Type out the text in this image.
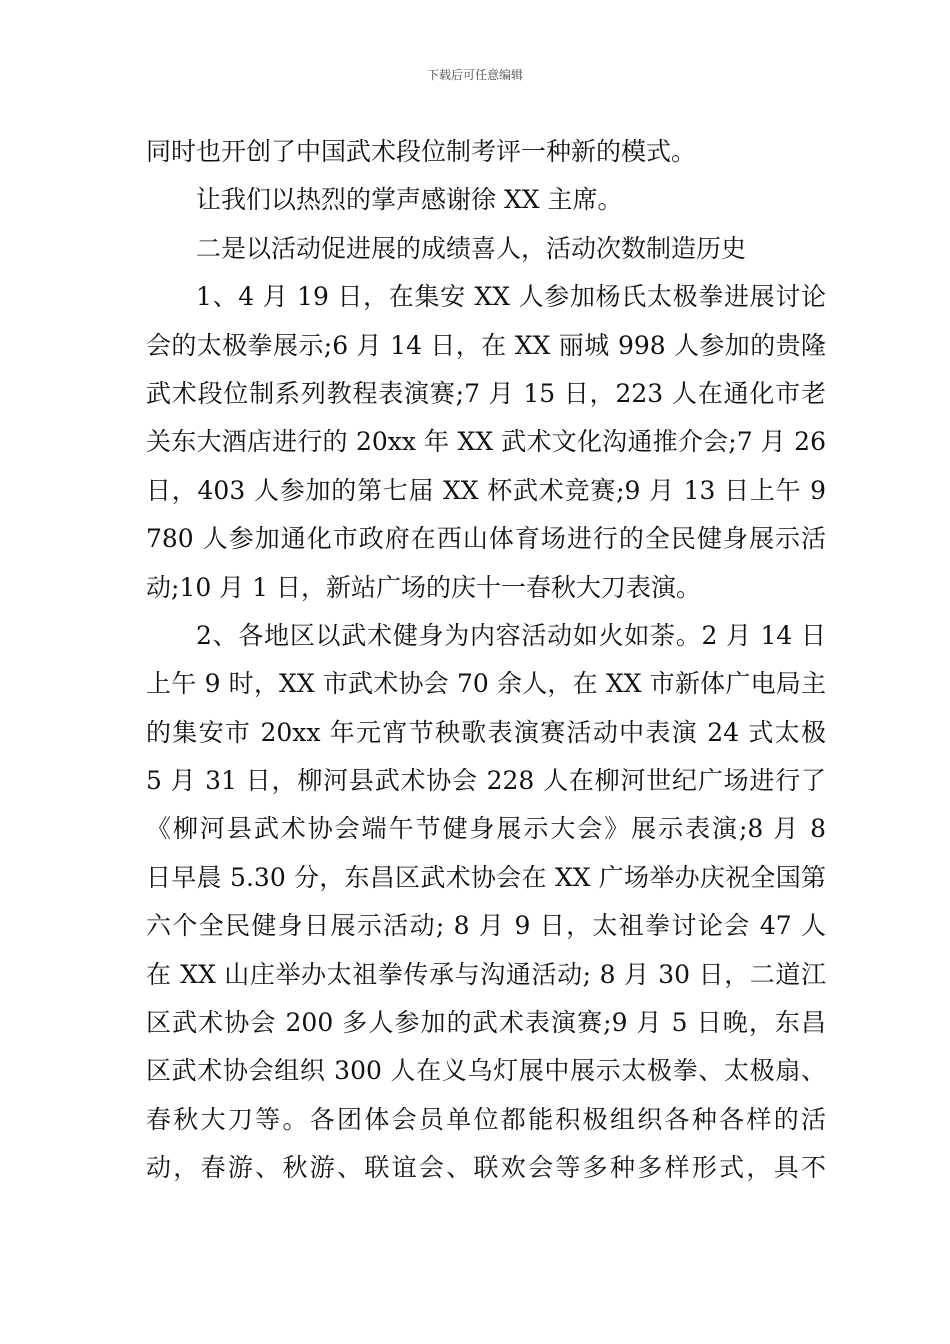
下载后可任意编辑
同时也开创了中国武术段位制考评一种新的模式。
让我们以热烈的掌声感谢徐 XX 主席。
二是以活动促进展的成绩喜人，活动次数制造历史
1、4 月 19 日，在集安 XX 人参加杨氏太极拳进展讨论
会的太极拳展示;6 月 14 日，在 XX 丽城 998 人参加的贵隆
武术段位制系列教程表演赛;7 月 15 日，223 人在通化市老
关东大酒店进行的 20xx 年 XX 武术文化沟通推介会;7 月 26
日，403 人参加的第七届 XX 杯武术竞赛;9 月 13 日上午 9
780 人参加通化市政府在西山体育场进行的全民健身展示活
动;10 月 1 日，新站广场的庆十一春秋大刀表演。
2、各地区以武术健身为内容活动如火如荼。2 月 14 日
上午 9 时，XX 市武术协会 70 余人，在 XX 市新体广电局主
的集安市 20xx 年元宵节秧歌表演赛活动中表演 24 式太极
5 月 31 日，柳河县武术协会 228 人在柳河世纪广场进行了
《柳河县武术协会端午节健身展示大会》展示表演;8 月 8
日早晨 5.30 分，东昌区武术协会在 XX 广场举办庆祝全国第
六个全民健身日展示活动; 8 月 9 日，太祖拳讨论会 47 人
在 XX 山庄举办太祖拳传承与沟通活动; 8 月 30 日，二道江
区武术协会 200 多人参加的武术表演赛;9 月 5 日晚，东昌
区武术协会组织 300 人在义乌灯展中展示太极拳、太极扇、
春秋大刀等。各团体会员单位都能积极组织各种各样的活
动，春游、秋游、联谊会、联欢会等多种多样形式，具不
